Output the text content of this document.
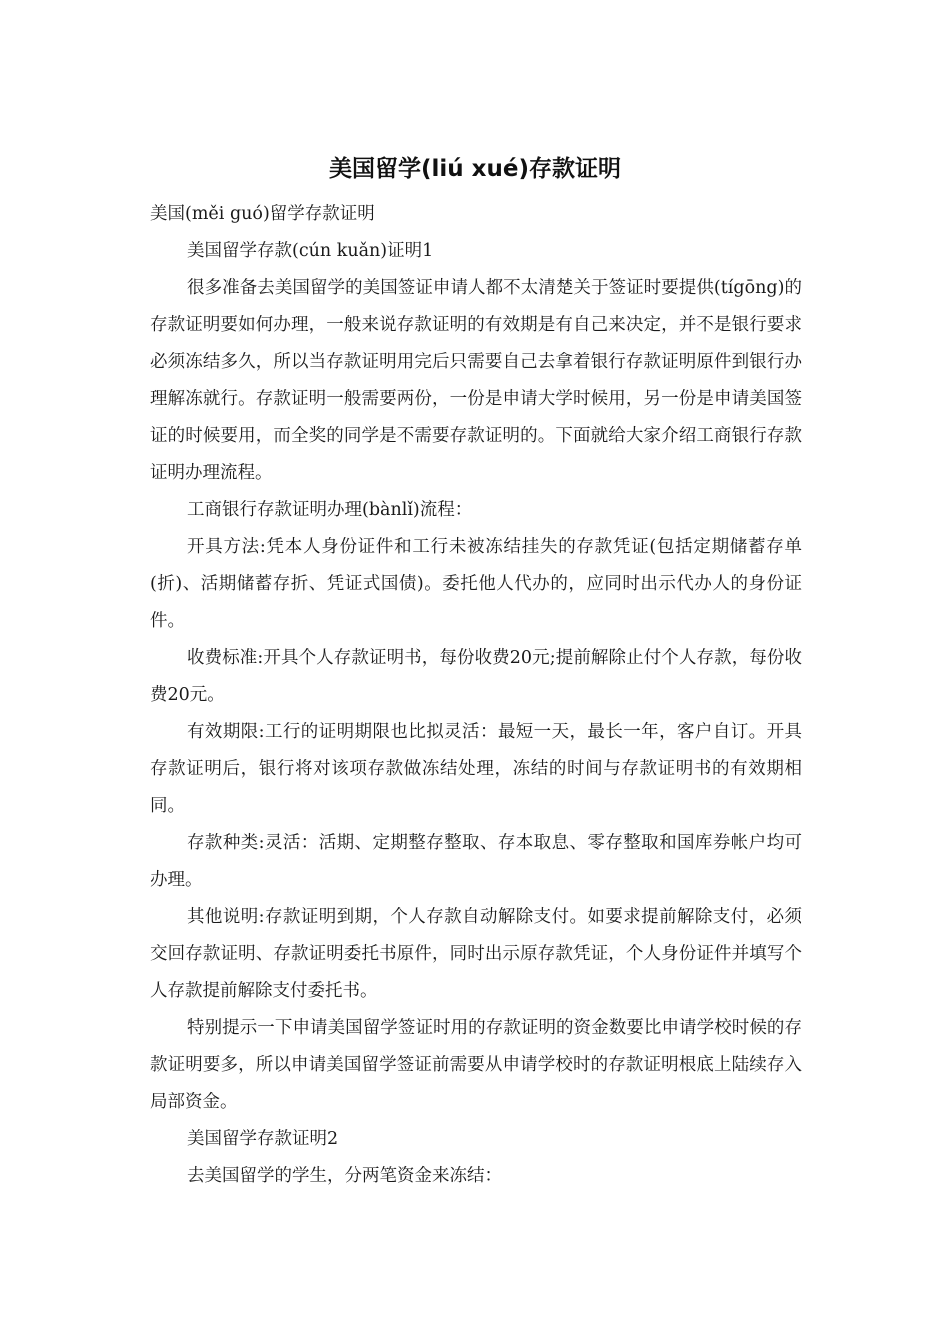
美国留学(liú xué)存款证明

美国(měi guó)留学存款证明

美国留学存款(cún kuǎn)证明1

很多准备去美国留学的美国签证申请人都不太清楚关于签证时要提供(tígōng)的存款证明要如何办理，一般来说存款证明的有效期是有自己来决定，并不是银行要求必须冻结多久，所以当存款证明用完后只需要自己去拿着银行存款证明原件到银行办理解冻就行。存款证明一般需要两份，一份是申请大学时候用，另一份是申请美国签证的时候要用，而全奖的同学是不需要存款证明的。下面就给大家介绍工商银行存款证明办理流程。

工商银行存款证明办理(bànlǐ)流程：

开具方法:凭本人身份证件和工行未被冻结挂失的存款凭证(包括定期储蓄存单(折)、活期储蓄存折、凭证式国债)。委托他人代办的，应同时出示代办人的身份证件。

收费标准:开具个人存款证明书，每份收费20元;提前解除止付个人存款，每份收费20元。

有效期限:工行的证明期限也比拟灵活：最短一天，最长一年，客户自订。开具存款证明后，银行将对该项存款做冻结处理，冻结的时间与存款证明书的有效期相同。

存款种类:灵活：活期、定期整存整取、存本取息、零存整取和国库券帐户均可办理。

其他说明:存款证明到期，个人存款自动解除支付。如要求提前解除支付，必须交回存款证明、存款证明委托书原件，同时出示原存款凭证，个人身份证件并填写个人存款提前解除支付委托书。

特别提示一下申请美国留学签证时用的存款证明的资金数要比申请学校时候的存款证明要多，所以申请美国留学签证前需要从申请学校时的存款证明根底上陆续存入局部资金。

美国留学存款证明2

去美国留学的学生，分两笔资金来冻结：
